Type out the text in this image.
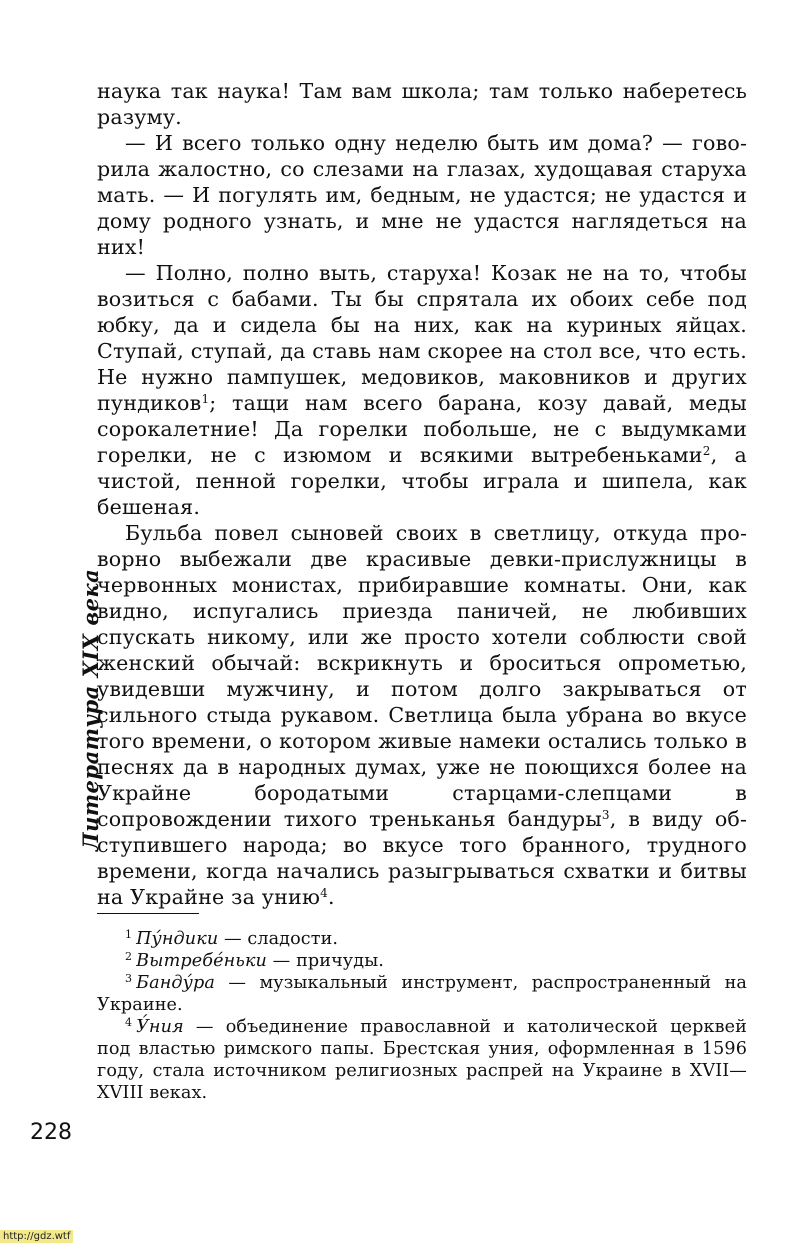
Литература XIX века

наука так наука! Там вам школа; там только наберетесь разуму.

— И всего только одну неделю быть им дома? — говорила жалостно, со слезами на глазах, худощавая старуха мать. — И погулять им, бедным, не удастся; не удастся и дому родного узнать, и мне не удастся наглядеться на них!

— Полно, полно выть, старуха! Козак не на то, чтобы возиться с бабами. Ты бы спрятала их обоих себе под юбку, да и сидела бы на них, как на куриных яйцах. Ступай, ступай, да ставь нам скорее на стол все, что есть. Не нужно пампушек, медовиков, маковников и других пундиков$^1$; тащи нам всего барана, козу давай, меды сорокалетние! Да горелки побольше, не с выдумками горелки, не с изюмом и всякими вытребеньками$^2$, а чистой, пенной горелки, чтобы играла и шипела, как бешеная.

Бульба повел сыновей своих в светлицу, откуда проворно выбежали две красивые девки-прислужницы в червонных монистах, прибиравшие комнаты. Они, как видно, испугались приезда паничей, не любивших спускать никому, или же просто хотели соблюсти свой женский обычай: вскрикнуть и броситься опрометью, увидевши мужчину, и потом долго закрываться от сильного стыда рукавом. Светлица была убрана во вкусе того времени, о котором живые намеки остались только в песнях да в народных думах, уже не поющихся более на Украйне бородатыми старцами-слепцами в сопровождении тихого треньканья бандуры$^3$, в виду обступившего народа; во вкусе того бранного, трудного времени, когда начались разыгрываться схватки и битвы на Украйне за унию$^4$.

$^1$ Пу́ндики — сладости.

$^2$ Вытребе́ньки — причуды.

$^3$ Банду́ра — музыкальный инструмент, распространенный на Украине.

$^4$ У́ния — объединение православной и католической церквей под властью римского папы. Брестская уния, оформленная в 1596 году, стала источником религиозных распрей на Украине в XVII—XVIII веках.

228
http://gdz.wtf
